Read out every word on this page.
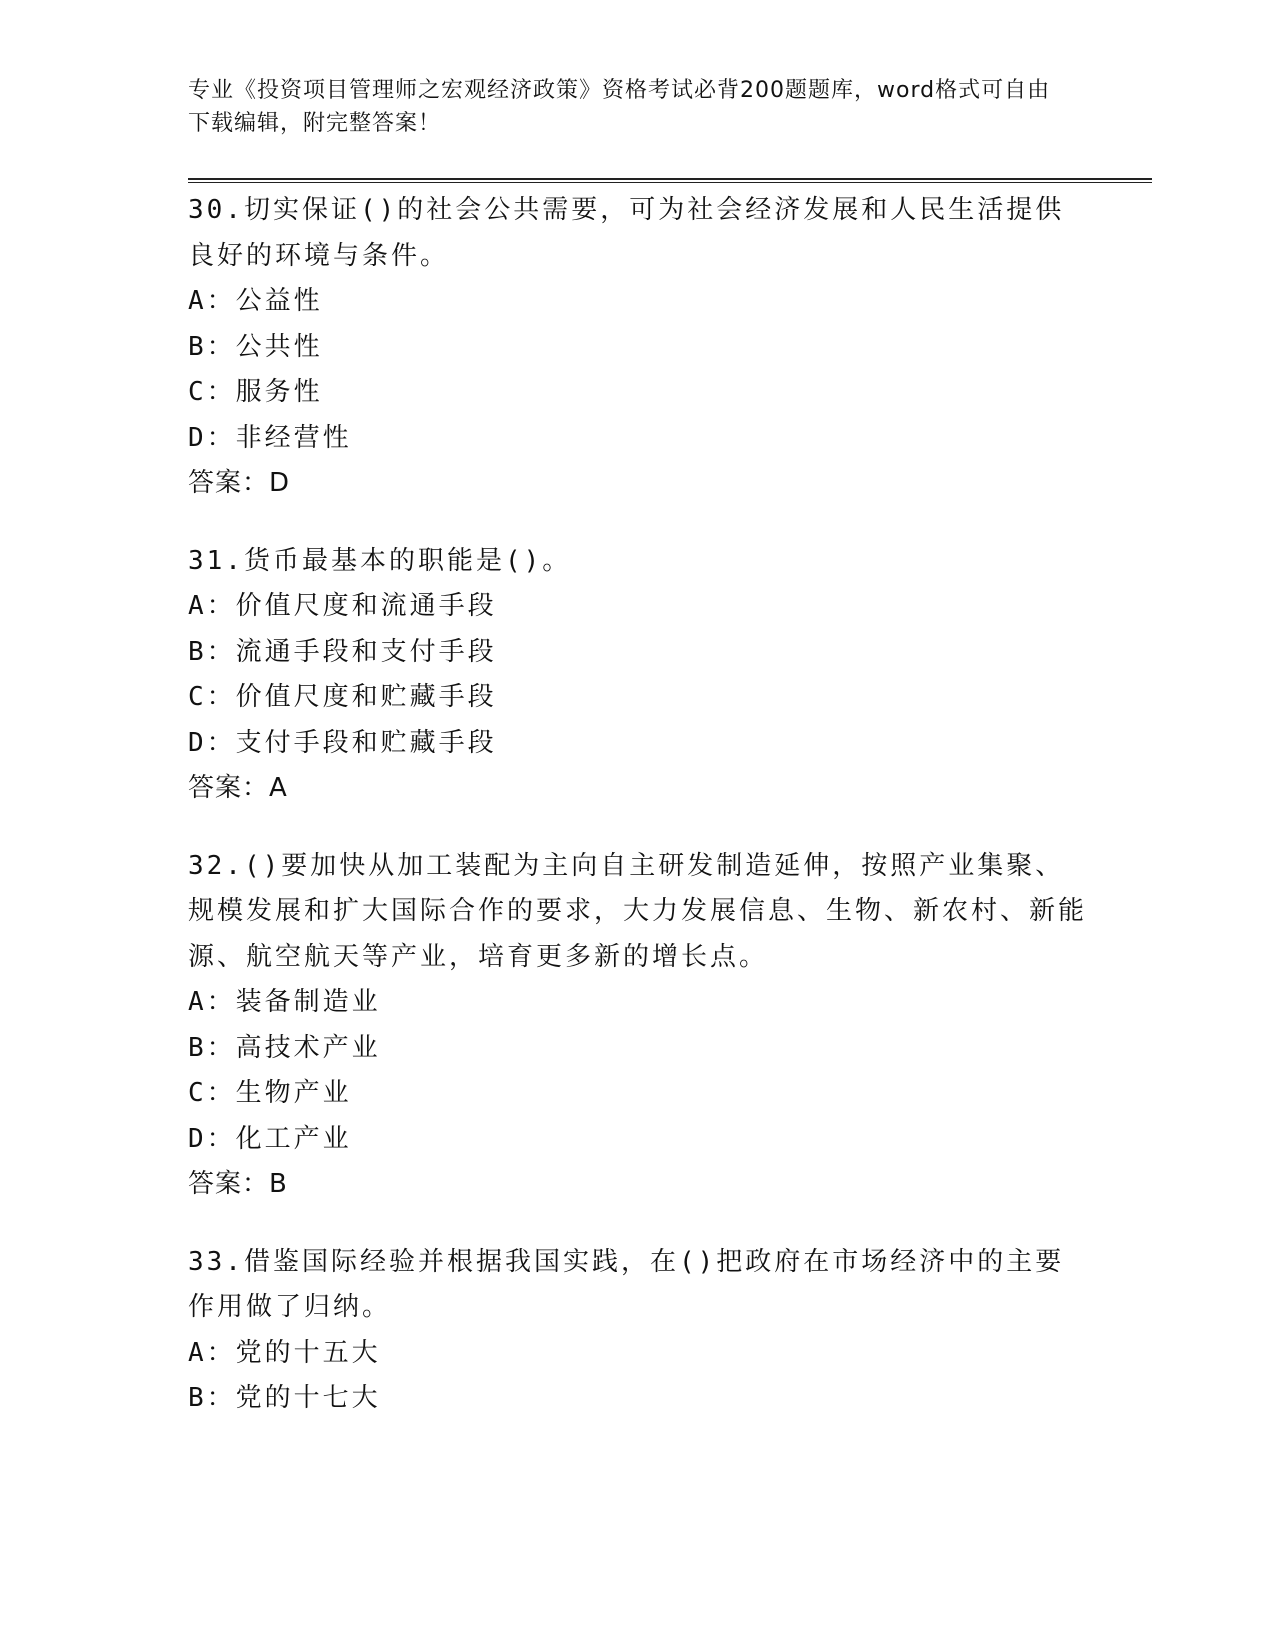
专业《投资项目管理师之宏观经济政策》资格考试必背200题题库，word格式可自由下载编辑，附完整答案！
30.切实保证()的社会公共需要，可为社会经济发展和人民生活提供良好的环境与条件。
A：公益性
B：公共性
C：服务性
D：非经营性
答案：D
31.货币最基本的职能是()。
A：价值尺度和流通手段
B：流通手段和支付手段
C：价值尺度和贮藏手段
D：支付手段和贮藏手段
答案：A
32.()要加快从加工装配为主向自主研发制造延伸，按照产业集聚、规模发展和扩大国际合作的要求，大力发展信息、生物、新农村、新能源、航空航天等产业，培育更多新的增长点。
A：装备制造业
B：高技术产业
C：生物产业
D：化工产业
答案：B
33.借鉴国际经验并根据我国实践，在()把政府在市场经济中的主要作用做了归纳。
A：党的十五大
B：党的十七大
